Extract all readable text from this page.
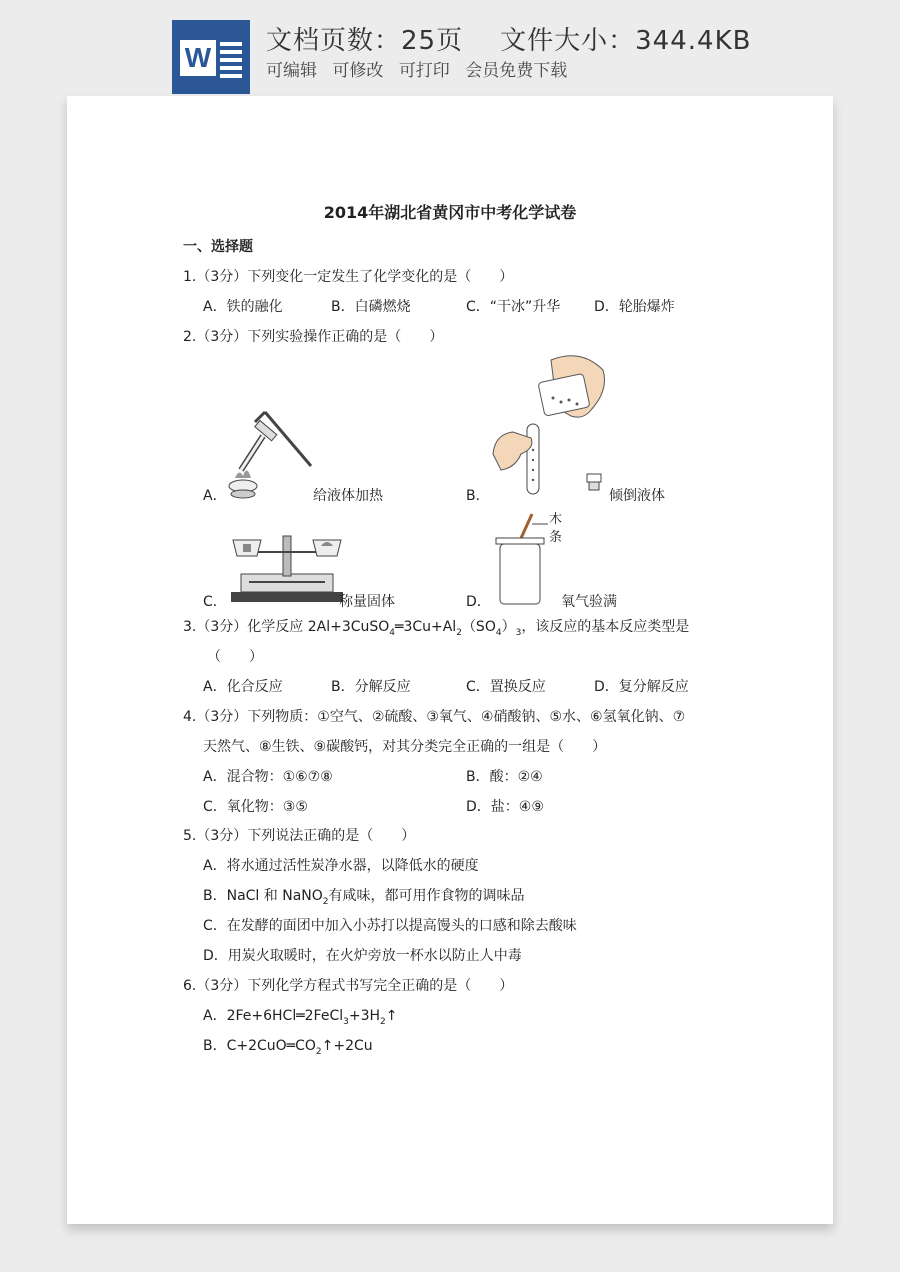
W
文档页数：25页    文件大小：344.4KB
可编辑 可修改 可打印 会员免费下载
2014年湖北省黄冈市中考化学试卷
一、选择题
1.（3分）下列变化一定发生了化学变化的是（　　）
A．铁的融化	B．白磷燃烧	C．“干冰”升华 D．轮胎爆炸
2.（3分）下列实验操作正确的是（　　）
A．	给液体加热	B．	倾倒液体
C．	称量固体
木
条
D．	氧气验满
3.（3分）化学反应 $2Al+3CuSO_4═3Cu+Al_2(SO_4)_3$，该反应的基本反应类型是
（　　）
A．化合反应	B．分解反应	C．置换反应	D．复分解反应
4.（3分）下列物质：①空气、②硫酸、③氧气、④硝酸钠、⑤水、⑥氢氧化钠、⑦
天然气、⑧生铁、⑨碳酸钙，对其分类完全正确的一组是（　　）
A．混合物：①⑥⑦⑧	B．酸：②④
C．氧化物：③⑤	D．盐：④⑨
5.（3分）下列说法正确的是（　　）
A．将水通过活性炭净水器，以降低水的硬度
B．NaCl 和 NaNO$_2$有咸味，都可用作食物的调味品
C．在发酵的面团中加入小苏打以提高馒头的口感和除去酸味
D．用炭火取暖时，在火炉旁放一杯水以防止人中毒
6.（3分）下列化学方程式书写完全正确的是（　　）
A．$2Fe+6HCl═2FeCl_3+3H_2↑$
B．$C+2CuO═CO_2↑+2Cu$
